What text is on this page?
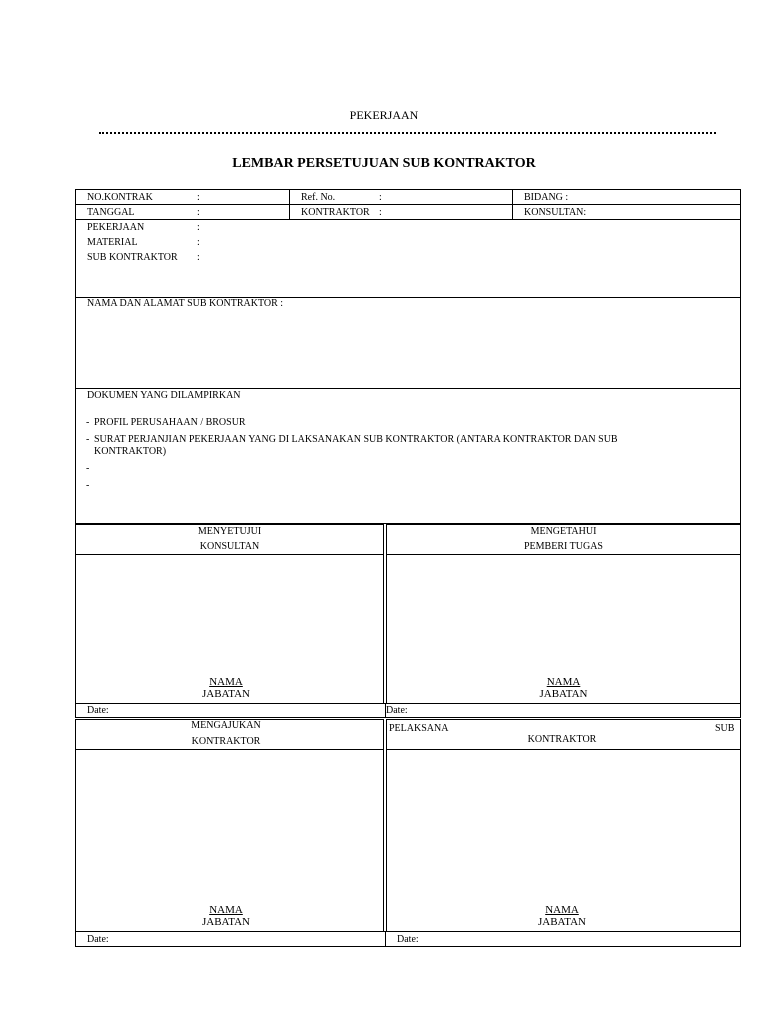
PEKERJAAN
LEMBAR PERSETUJUAN SUB KONTRAKTOR
NO.KONTRAK	:	Ref. No.	:	BIDANG :
TANGGAL	:	KONTRAKTOR :	KONSULTAN:
PEKERJAAN	:
MATERIAL	:
SUB KONTRAKTOR :
NAMA DAN ALAMAT SUB KONTRAKTOR :
DOKUMEN YANG DILAMPIRKAN
- PROFIL PERUSAHAAN / BROSUR
- SURAT PERJANJIAN PEKERJAAN YANG DI LAKSANAKAN SUB KONTRAKTOR (ANTARA KONTRAKTOR DAN SUB
KONTRAKTOR)
-
-
MENYETUJUI
KONSULTAN
MENGETAHUI
PEMBERI TUGAS
NAMA
JABATAN
NAMA
JABATAN
Date:	Date:
MENGAJUKAN
KONTRAKTOR
PELAKSANA	SUB
KONTRAKTOR
NAMA
JABATAN
NAMA
JABATAN
Date:	Date:
